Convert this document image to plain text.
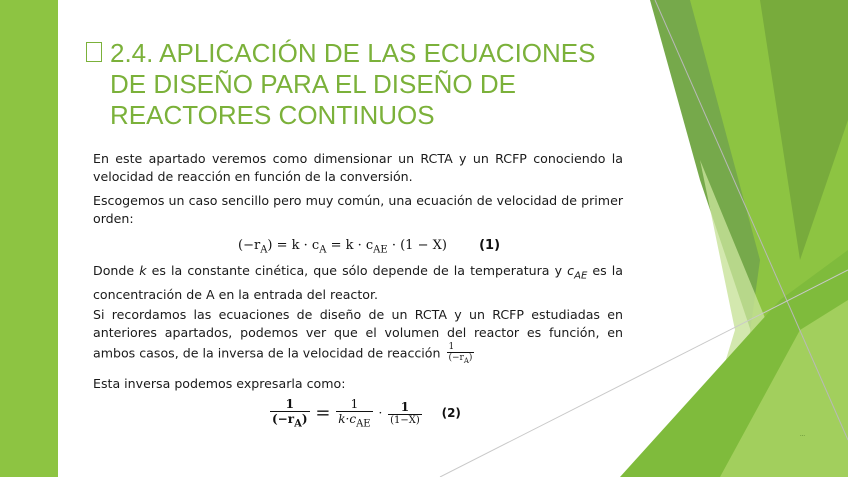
2.4. APLICACIÓN DE LAS ECUACIONES
DE DISEÑO PARA EL DISEÑO DE
REACTORES CONTINUOS
En este apartado veremos como dimensionar un RCTA y un RCFP conociendo la
velocidad de reacción en función de la conversión.
Escogemos un caso sencillo pero muy común, una ecuación de velocidad de primer
orden:
$(-r_A) = k \cdot c_A = k \cdot c_{AE} \cdot (1 - X)$ (1)
Donde k es la constante cinética, que sólo depende de la temperatura y $c_{AE}$ es la
concentración de A en la entrada del reactor.
Si recordamos las ecuaciones de diseño de un RCTA y un RCFP estudiadas en
anteriores apartados, podemos ver que el volumen del reactor es función, en
ambos casos, de la inversa de la velocidad de reacción $\frac{1}{(-r_A)}$
Esta inversa podemos expresarla como:
$\frac{1}{(-r_A)} = \frac{1}{k\cdot c_{AE}} \cdot \frac{1}{(1-X)} (2)$
…
